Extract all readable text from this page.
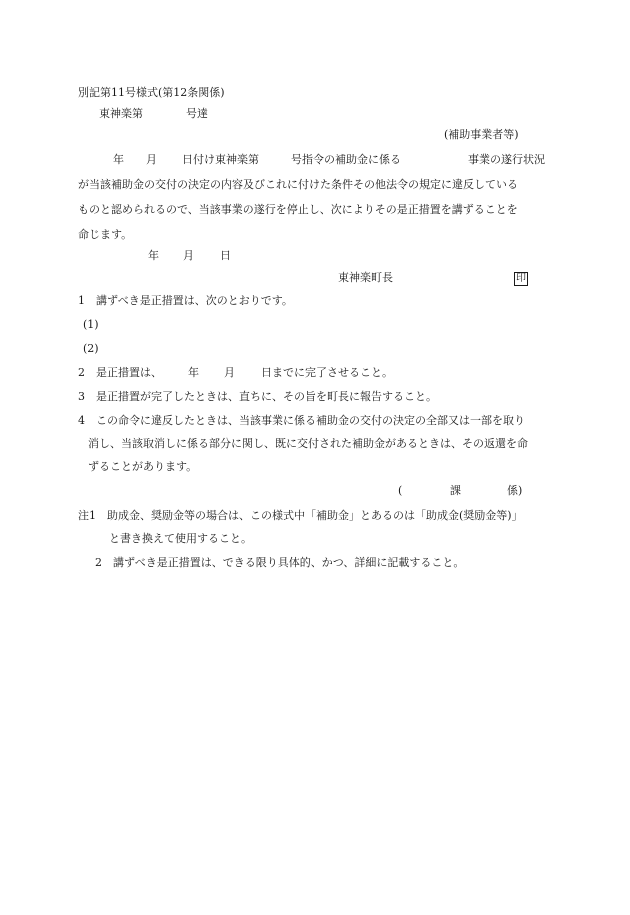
別記第11号様式(第12条関係)
東神楽第	号達
(補助事業者等)
年 月 日付け東神楽第	号指令の補助金に係る	事業の遂行状況
が当該補助金の交付の決定の内容及びこれに付けた条件その他法令の規定に違反している
ものと認められるので、当該事業の遂行を停止し、次によりその是正措置を講ずることを
命じます。
年 月 日
東神楽町長	印
1　講ずべき是正措置は、次のとおりです。
(1)
(2)
2　是正措置は、 年 月 日までに完了させること。
3　是正措置が完了したときは、直ちに、その旨を町長に報告すること。
4　この命令に違反したときは、当該事業に係る補助金の交付の決定の全部又は一部を取り
消し、当該取消しに係る部分に関し、既に交付された補助金があるときは、その返還を命
ずることがあります。
(	課	係)
注1　助成金、奨励金等の場合は、この様式中「補助金」とあるのは「助成金(奨励金等)」
と書き換えて使用すること。
2　講ずべき是正措置は、できる限り具体的、かつ、詳細に記載すること。
